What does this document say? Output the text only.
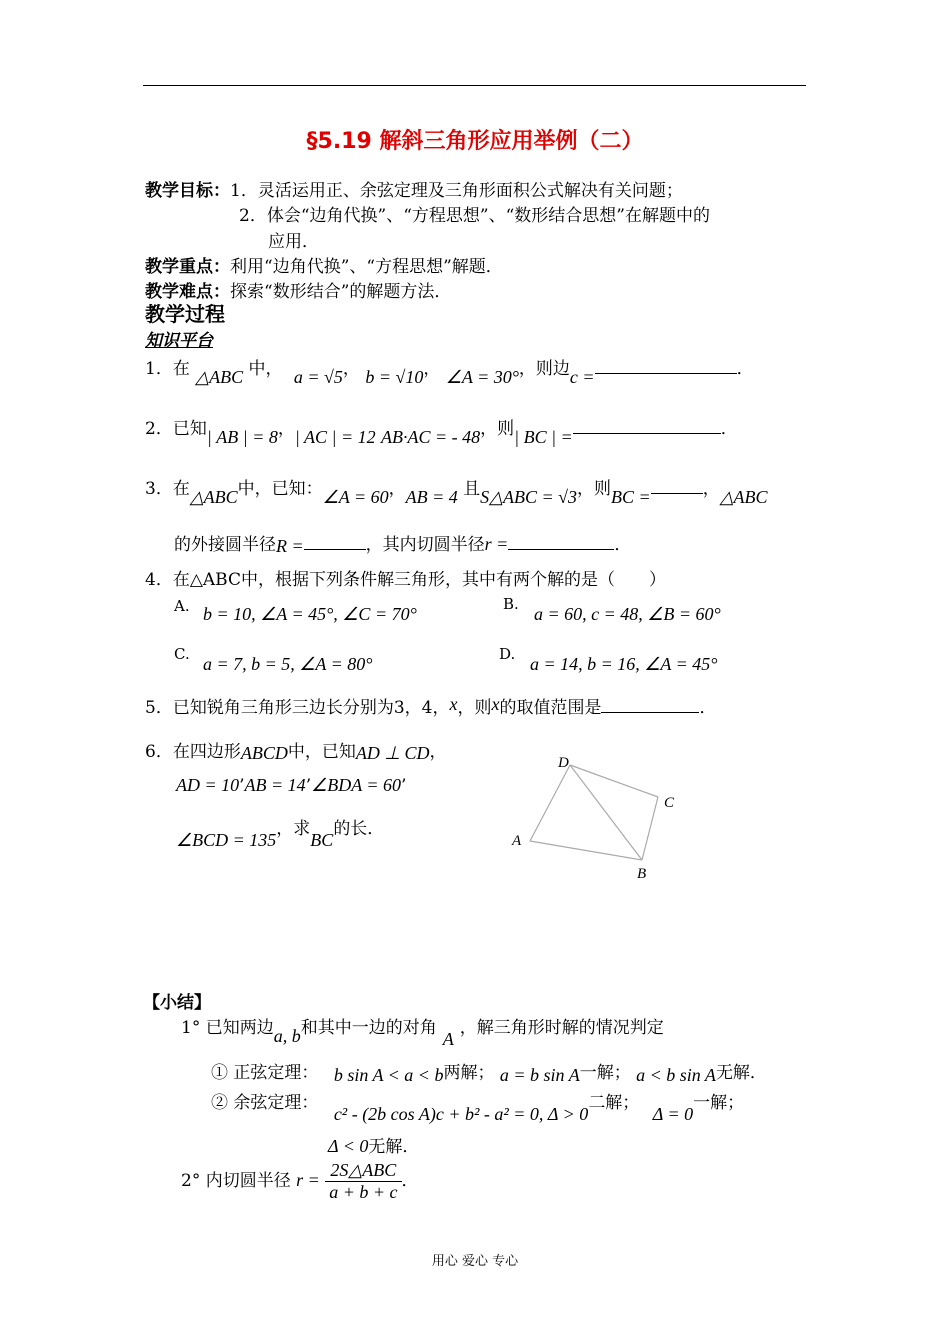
§5.19 解斜三角形应用举例（二）
教学目标：1．灵活运用正、余弦定理及三角形面积公式解决有关问题；
2．体会“边角代换”、“方程思想”、“数形结合思想”在解题中的
应用．
教学重点：利用“边角代换”、“方程思想”解题．
教学难点：探索“数形结合”的解题方法．
教学过程
知识平台
1．在 △ABC 中， a = √5， b = √10， ∠A = 30°，则边c =	．
2．已知| AB | = 8，| AC | = 12 AB·AC = - 48，则| BC | =	．
3．在△ABC中，已知：∠A = 60，AB = 4 且S△ABC = √3，则BC =	，△ABC
的外接圆半径R =	，其内切圆半径r =	．
4．在△ABC中，根据下列条件解三角形，其中有两个解的是（　　）
A. b = 10, ∠A = 45°, ∠C = 70°	B. a = 60, c = 48, ∠B = 60°
C. a = 7, b = 5, ∠A = 80°	D. a = 14, b = 16, ∠A = 45°
5．已知锐角三角形三边长分别为3，4，x，则x的取值范围是	．
6．在四边形ABCD中，已知AD ⊥ CD，
AD = 10’AB = 14’∠BDA = 60’
∠BCD = 135，求BC的长．
D
C
A
B
【小结】
1° 已知两边a, b和其中一边的对角A，解三角形时解的情况判定
① 正弦定理： b sin A < a < b两解； a = b sin A一解； a < b sin A无解．
② 余弦定理： c² - (2b cos A)c + b² - a² = 0, Δ > 0二解； Δ = 0一解；
Δ < 0无解．
2° 内切圆半径 $r = \frac{\text{2S△ABC}}{a + b + c}$ ．
用心 爱心 专心
